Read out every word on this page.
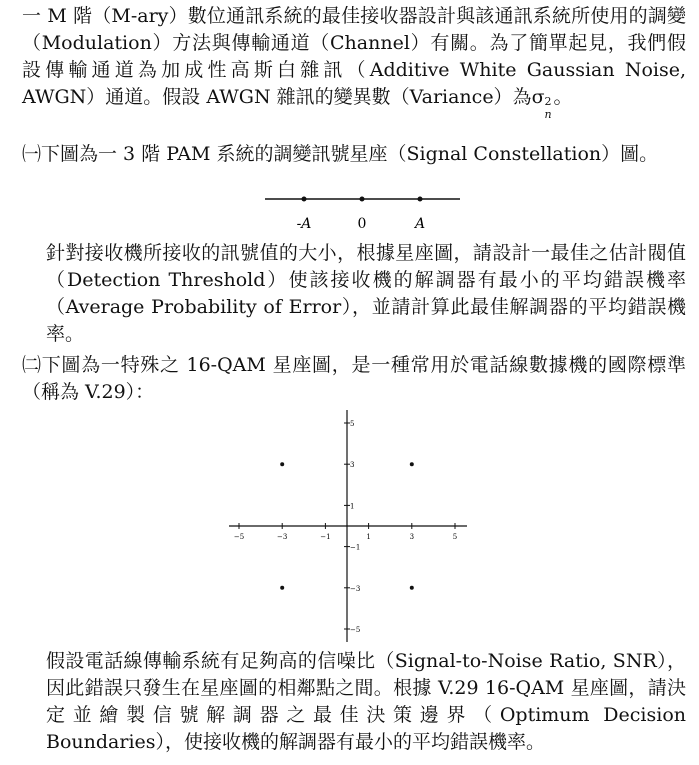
一 M 階（M-ary）數位通訊系統的最佳接收器設計與該通訊系統所使用的調變（Modulation）方法與傳輸通道（Channel）有關。為了簡單起見，我們假設傳輸通道為加成性高斯白雜訊（Additive White Gaussian Noise, AWGN）通道。假設 AWGN 雜訊的變異數（Variance）為σ 2
n
。
㈠下圖為一 3 階 PAM 系統的調變訊號星座（Signal Constellation）圖。
-A	0	A
針對接收機所接收的訊號值的大小，根據星座圖，請設計一最佳之估計閥值（Detection Threshold）使該接收機的解調器有最小的平均錯誤機率（Average Probability of Error），並請計算此最佳解調器的平均錯誤機率。
㈡下圖為一特殊之 16-QAM 星座圖，是一種常用於電話線數據機的國際標準（稱為 V.29）：
−5	−3	−1	1	3	5
5
3
1
−1
−3
−5
假設電話線傳輸系統有足夠高的信噪比（Signal-to-Noise Ratio, SNR），因此錯誤只發生在星座圖的相鄰點之間。根據 V.29 16-QAM 星座圖，請決定並繪製信號解調器之最佳決策邊界（Optimum Decision Boundaries），使接收機的解調器有最小的平均錯誤機率。
